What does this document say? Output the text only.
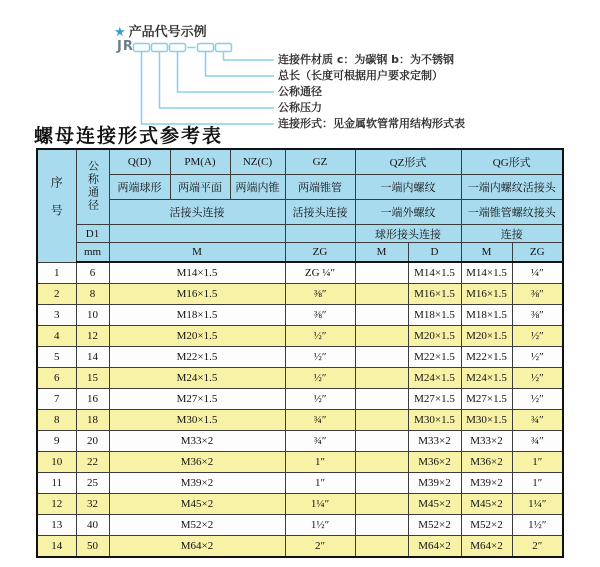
★ 产品代号示例
JR
连接件材质 c：为碳钢 b：为不锈钢
总长（长度可根据用户要求定制）
公称通径
公称压力
连接形式：见金属软管常用结构形式表
螺母连接形式参考表
序号	公称通径	Q(D)	PM(A)	NZ(C)	GZ	QZ形式		QG形式	
		两端球形	两端平面	两端内锥	两端锥管	一端内螺纹		一端内螺纹活接头	
		活接头连接			活接头连接	一端外螺纹		一端锥管螺纹接头	
	D1					球形接头连接		连接	
	mm	M			ZG	M	D	M	ZG
1	6	M14×1.5			ZG ¼″		M14×1.5	M14×1.5	¼″
2	8	M16×1.5			⅜″		M16×1.5	M16×1.5	⅜″
3	10	M18×1.5			⅜″		M18×1.5	M18×1.5	⅜″
4	12	M20×1.5			½″		M20×1.5	M20×1.5	½″
5	14	M22×1.5			½″		M22×1.5	M22×1.5	½″
6	15	M24×1.5			½″		M24×1.5	M24×1.5	½″
7	16	M27×1.5			½″		M27×1.5	M27×1.5	½″
8	18	M30×1.5			¾″		M30×1.5	M30×1.5	¾″
9	20	M33×2			¾″		M33×2	M33×2	¾″
10	22	M36×2			1″		M36×2	M36×2	1″
11	25	M39×2			1″		M39×2	M39×2	1″
12	32	M45×2			1¼″		M45×2	M45×2	1¼″
13	40	M52×2			1½″		M52×2	M52×2	1½″
14	50	M64×2			2″		M64×2	M64×2	2″
